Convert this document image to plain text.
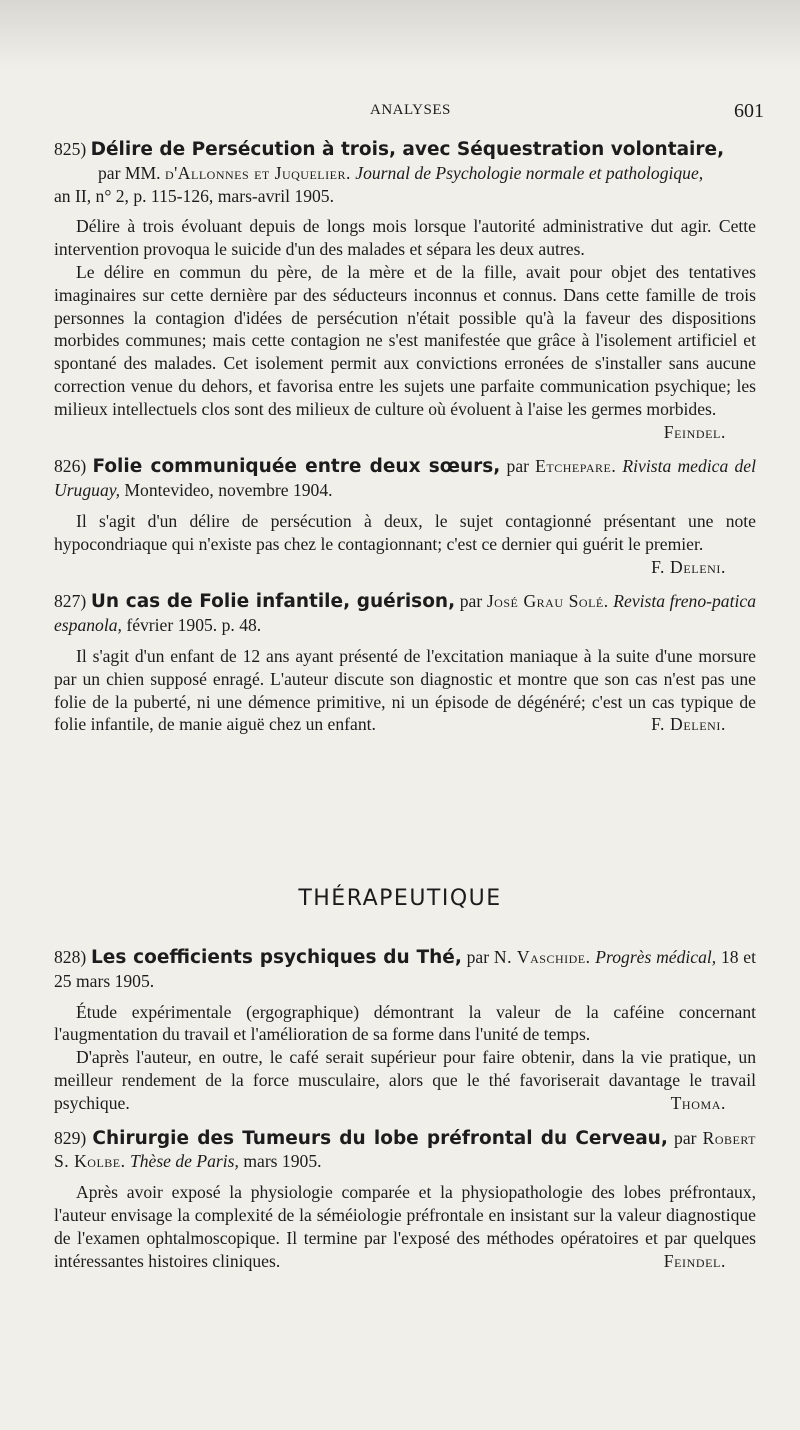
ANALYSES	601
825) Délire de Persécution à trois, avec Séquestration volontaire,
par MM. d'Allonnes et Juquelier. Journal de Psychologie normale et pathologique,
an II, n° 2, p. 115-126, mars-avril 1905.

Délire à trois évoluant depuis de longs mois lorsque l'autorité administrative dut agir. Cette intervention provoqua le suicide d'un des malades et sépara les deux autres.

Le délire en commun du père, de la mère et de la fille, avait pour objet des tentatives imaginaires sur cette dernière par des séducteurs inconnus et connus. Dans cette famille de trois personnes la contagion d'idées de persécution n'était possible qu'à la faveur des dispositions morbides communes; mais cette contagion ne s'est manifestée que grâce à l'isolement artificiel et spontané des malades. Cet isolement permit aux convictions erronées de s'installer sans aucune correction venue du dehors, et favorisa entre les sujets une parfaite communication psychique; les milieux intellectuels clos sont des milieux de culture où évoluent à l'aise les germes morbides.
Feindel.

826) Folie communiquée entre deux sœurs, par Etchepare. Rivista medica del Uruguay, Montevideo, novembre 1904.

Il s'agit d'un délire de persécution à deux, le sujet contagionné présentant une note hypocondriaque qui n'existe pas chez le contagionnant; c'est ce dernier qui guérit le premier.
F. Deleni.

827) Un cas de Folie infantile, guérison, par José Grau Solé. Revista freno-patica espanola, février 1905. p. 48.

Il s'agit d'un enfant de 12 ans ayant présenté de l'excitation maniaque à la suite d'une morsure par un chien supposé enragé. L'auteur discute son diagnostic et montre que son cas n'est pas une folie de la puberté, ni une démence primitive, ni un épisode de dégénéré; c'est un cas typique de folie infantile, de manie aiguë chez un enfant.	F. Deleni.

THÉRAPEUTIQUE
828) Les coefficients psychiques du Thé, par N. Vaschide. Progrès médical, 18 et 25 mars 1905.

Étude expérimentale (ergographique) démontrant la valeur de la caféine concernant l'augmentation du travail et l'amélioration de sa forme dans l'unité de temps.

D'après l'auteur, en outre, le café serait supérieur pour faire obtenir, dans la vie pratique, un meilleur rendement de la force musculaire, alors que le thé favoriserait davantage le travail psychique.	Thoma.

829) Chirurgie des Tumeurs du lobe préfrontal du Cerveau, par Robert S. Kolbe. Thèse de Paris, mars 1905.

Après avoir exposé la physiologie comparée et la physiopathologie des lobes préfrontaux, l'auteur envisage la complexité de la séméiologie préfrontale en insistant sur la valeur diagnostique de l'examen ophtalmoscopique. Il termine par l'exposé des méthodes opératoires et par quelques intéressantes histoires cliniques.	Feindel.
